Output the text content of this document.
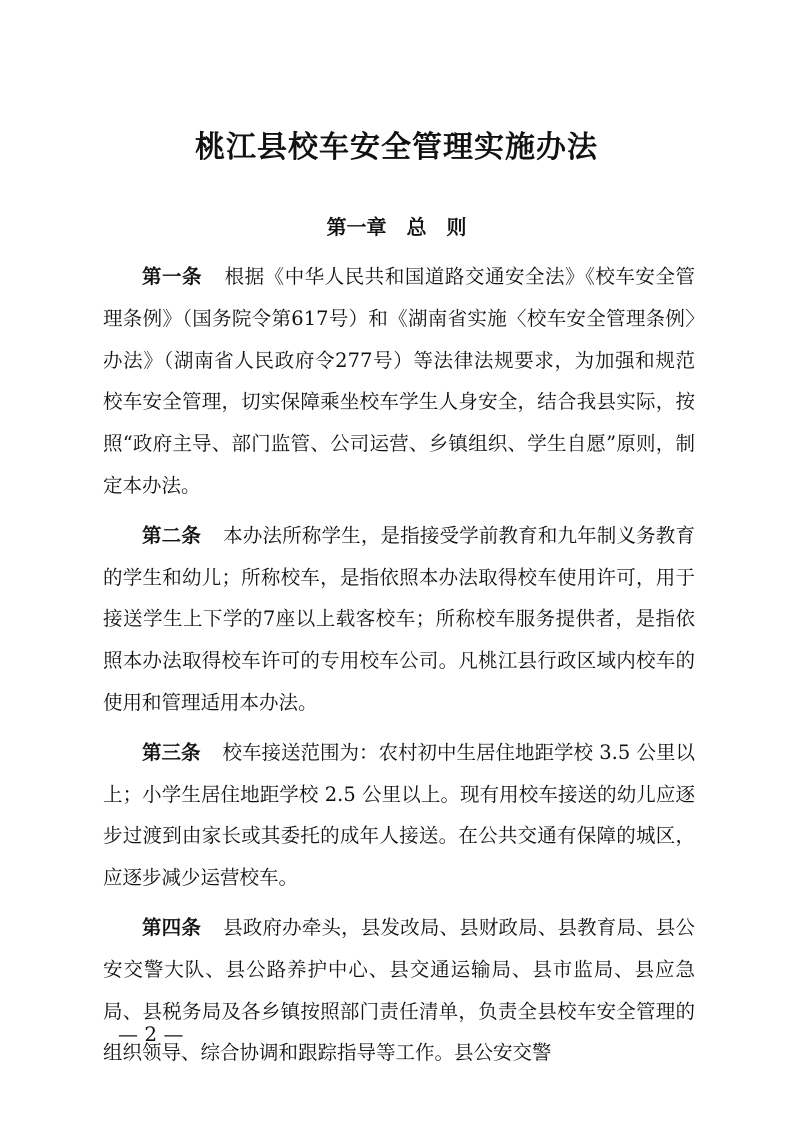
桃江县校车安全管理实施办法
第一章　总　则

第一条 根据《中华人民共和国道路交通安全法》《校车安全管理条例》（国务院令第617号）和《湖南省实施〈校车安全管理条例〉办法》（湖南省人民政府令277号）等法律法规要求，为加强和规范校车安全管理，切实保障乘坐校车学生人身安全，结合我县实际，按照“政府主导、部门监管、公司运营、乡镇组织、学生自愿”原则，制定本办法。

第二条 本办法所称学生，是指接受学前教育和九年制义务教育的学生和幼儿；所称校车，是指依照本办法取得校车使用许可，用于接送学生上下学的7座以上载客校车；所称校车服务提供者，是指依照本办法取得校车许可的专用校车公司。凡桃江县行政区域内校车的使用和管理适用本办法。

第三条 校车接送范围为：农村初中生居住地距学校 3.5 公里以上；小学生居住地距学校 2.5 公里以上。现有用校车接送的幼儿应逐步过渡到由家长或其委托的成年人接送。在公共交通有保障的城区，应逐步减少运营校车。

第四条 县政府办牵头，县发改局、县财政局、县教育局、县公安交警大队、县公路养护中心、县交通运输局、县市监局、县应急局、县税务局及各乡镇按照部门责任清单，负责全县校车安全管理的组织领导、综合协调和跟踪指导等工作。县公安交警

— 2 —
